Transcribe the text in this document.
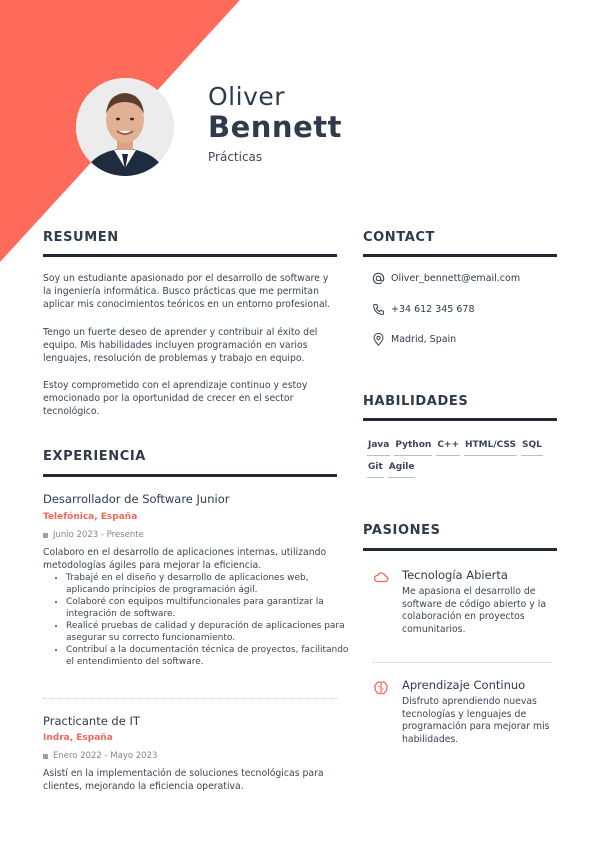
Oliver
Bennett
Prácticas
RESUMEN

Soy un estudiante apasionado por el desarrollo de software y la ingeniería informática. Busco prácticas que me permitan aplicar mis conocimientos teóricos en un entorno profesional.

Tengo un fuerte deseo de aprender y contribuir al éxito del equipo. Mis habilidades incluyen programación en varios lenguajes, resolución de problemas y trabajo en equipo.

Estoy comprometido con el aprendizaje continuo y estoy emocionado por la oportunidad de crecer en el sector tecnológico.

EXPERIENCIA
Desarrollador de Software Junior
Telefónica, España
Junio 2023 - Presente

Colaboro en el desarrollo de aplicaciones internas, utilizando metodologías ágiles para mejorar la eficiencia.

• Trabajé en el diseño y desarrollo de aplicaciones web, aplicando principios de programación ágil.
• Colaboré con equipos multifuncionales para garantizar la integración de software.
• Realicé pruebas de calidad y depuración de aplicaciones para asegurar su correcto funcionamiento.
• Contribuí a la documentación técnica de proyectos, facilitando el entendimiento del software.
Practicante de IT
Indra, España
Enero 2022 - Mayo 2023

Asistí en la implementación de soluciones tecnológicas para clientes, mejorando la eficiencia operativa.

CONTACT
Oliver_bennett@email.com
+34 612 345 678
Madrid, Spain
HABILIDADES
Java Python C++ HTML/CSS SQL
Git Agile
PASIONES
Tecnología Abierta

Me apasiona el desarrollo de software de código abierto y la colaboración en proyectos comunitarios.

Aprendizaje Continuo

Disfruto aprendiendo nuevas tecnologías y lenguajes de programación para mejorar mis habilidades.
